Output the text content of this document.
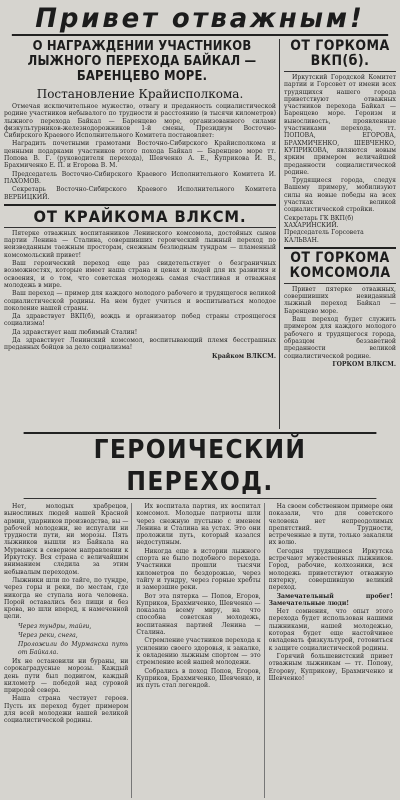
Привет отважным!
О НАГРАЖДЕНИИ УЧАСТНИКОВ ЛЫЖНОГО ПЕРЕХОДА БАЙКАЛ — БАРЕНЦЕВО МОРЕ.
Постановление Крайисполкома.

Отмечая исключительное мужество, отвагу и преданность социалистической родине участников небывалого по трудности и расстоянию (в тысячи километров) лыжного перехода Байкал — Баренцево море, организованного силами физкультурников-железнодорожников 1-й смены, Президиум Восточно-Сибирского Краевого Исполнительного Комитета постановляет:

Наградить почетными грамотами Восточно-Сибирского Крайисполкома и ценными подарками участников этого похода Байкал — Баренцево море тт. Попова В. Г. (руководителя перехода), Шевченко А. Е., Куприкова И. В., Брахмиченко Е. П. и Егорова В. М.

Председатель Восточно-Сибирского Краевого Исполнительного Комитета И. ПАХОМОВ.

Секретарь Восточно-Сибирского Краевого Исполнительного Комитета ВЕРБИЦКИЙ.

ОТ КРАЙКОМА ВЛКСМ.

Пятерке отважных воспитанников Ленинского комсомола, достойных сынов партии Ленина — Сталина, совершивших героический лыжный переход по неизведанным таежным просторам, снежным безлюдным тундрам — пламенный комсомольский привет!

Ваш героический переход еще раз свидетельствует о безграничных возможностях, которые имеет наша страна и ценах и людей для их развития и освоения, и о том, что советская молодежь самая счастливая и отважная молодежь в мире.

Ваш переход — пример для каждого молодого рабочего и трудящегося великой социалистической родины. На нем будет учиться и воспитываться молодое поколение нашей страны.

Да здравствует ВКП(б), вождь и организатор побед страны строящегося социализма!

Да здравствует наш любимый Сталин!

Да здравствует Ленинский комсомол, воспитывающий племя бесстрашных преданных бойцов за дело социализма!

Крайком ВЛКСМ.
ОТ ГОРКОМА ВКП(б).

Иркутский Городской Комитет партии и Горсовет от имени всех трудящихся нашего города приветствуют отважных участников перехода Байкал — Баренцево море. Героизм и выносливость, проявленные участниками перехода, тт. ПОПОВА, ЕГОРОВА, БРАХМИЧЕНКО, ШЕВЧЕНКО, КУПРИКОВА, являются новым ярким примером величайшей преданности социалистической родине.

Трудящиеся города, следуя Вашему примеру, мобилизуют силы на новые победы на всех участках великой социалистической стройки.

Секретарь ГК ВКП(б) ХАХАРИНСКИЙ.
Председатель Горсовета КАЛЬВАН.
ОТ ГОРКОМА КОМСОМОЛА

Привет пятерке отважных, совершивших невиданный лыжный переход Байкал — Баренцево море.

Ваш переход будет служить примером для каждого молодого рабочего и трудящегося города, образцом беззаветной преданности великой социалистической родине.

ГОРКОМ ВЛКСМ.
ГЕРОИЧЕСКИЙ ПЕРЕХОД.

Нет, молодых храбрецов, выносливых людей нашей Красной армии, ударников производства, вы — рабочей молодежи, не испугали ни трудности пути, ни морозы. Пять лыжников вышли из Байкала на Мурманск в северном направлении к Иркутску. Вся страна с величайшим вниманием следила за этим небывалым переходом.

Лыжники шли по тайге, по тундре, через горы и реки, по местам, где никогда не ступала нога человека. Порой оставались без пищи и без крова, но шли вперед, к намеченной цели.

Через тундры, тайги,
Через реки, снега,
Проложили до Мурманска путь от Байкала.

Их не остановили ни бураны, ни сорокаградусные морозы. Каждый день пути был подвигом, каждый километр — победой над суровой природой севера.

Наша страна чествует героев. Пусть их переход будет примером для всей молодежи нашей великой социалистической родины.

Их воспитала партия, их воспитал комсомол. Молодые патриоты шли через снежную пустыню с именем Ленина и Сталина на устах. Это они проложили путь, который казался недоступным.

Никогда еще в истории лыжного спорта не было подобного перехода. Участники прошли тысячи километров по бездорожью, через тайгу и тундру, через горные хребты и замерзшие реки.

Вот эта пятерка — Попов, Егоров, Куприков, Брахмиченко, Шевченко — показала всему миру, на что способна советская молодежь, воспитанная партией Ленина — Сталина.

Стремление участников перехода к усилению своего здоровья, к закалке, к овладению лыжным спортом — это стремление всей нашей молодежи.

Собрались в поход Попов, Егоров, Куприков, Брахмиченко, Шевченко, и их путь стал легендой.

На своем собственном примере они показали, что для советского человека нет непреодолимых препятствий. Трудности, встреченные в пути, только закаляли их волю.

Сегодня трудящиеся Иркутска встречают мужественных лыжников. Город, рабочие, колхозники, вся молодежь приветствуют отважную пятерку, совершившую великий переход.

Замечательный пробег! Замечательные люди!

Нет сомнения, что опыт этого перехода будет использован нашими лыжниками, нашей молодежью, которая будет еще настойчивее овладевать физкультурой, готовиться к защите социалистической родины.

Горячий большевистский привет отважным лыжникам — тт. Попову, Егорову, Куприкову, Брахмиченко и Шевченко!
